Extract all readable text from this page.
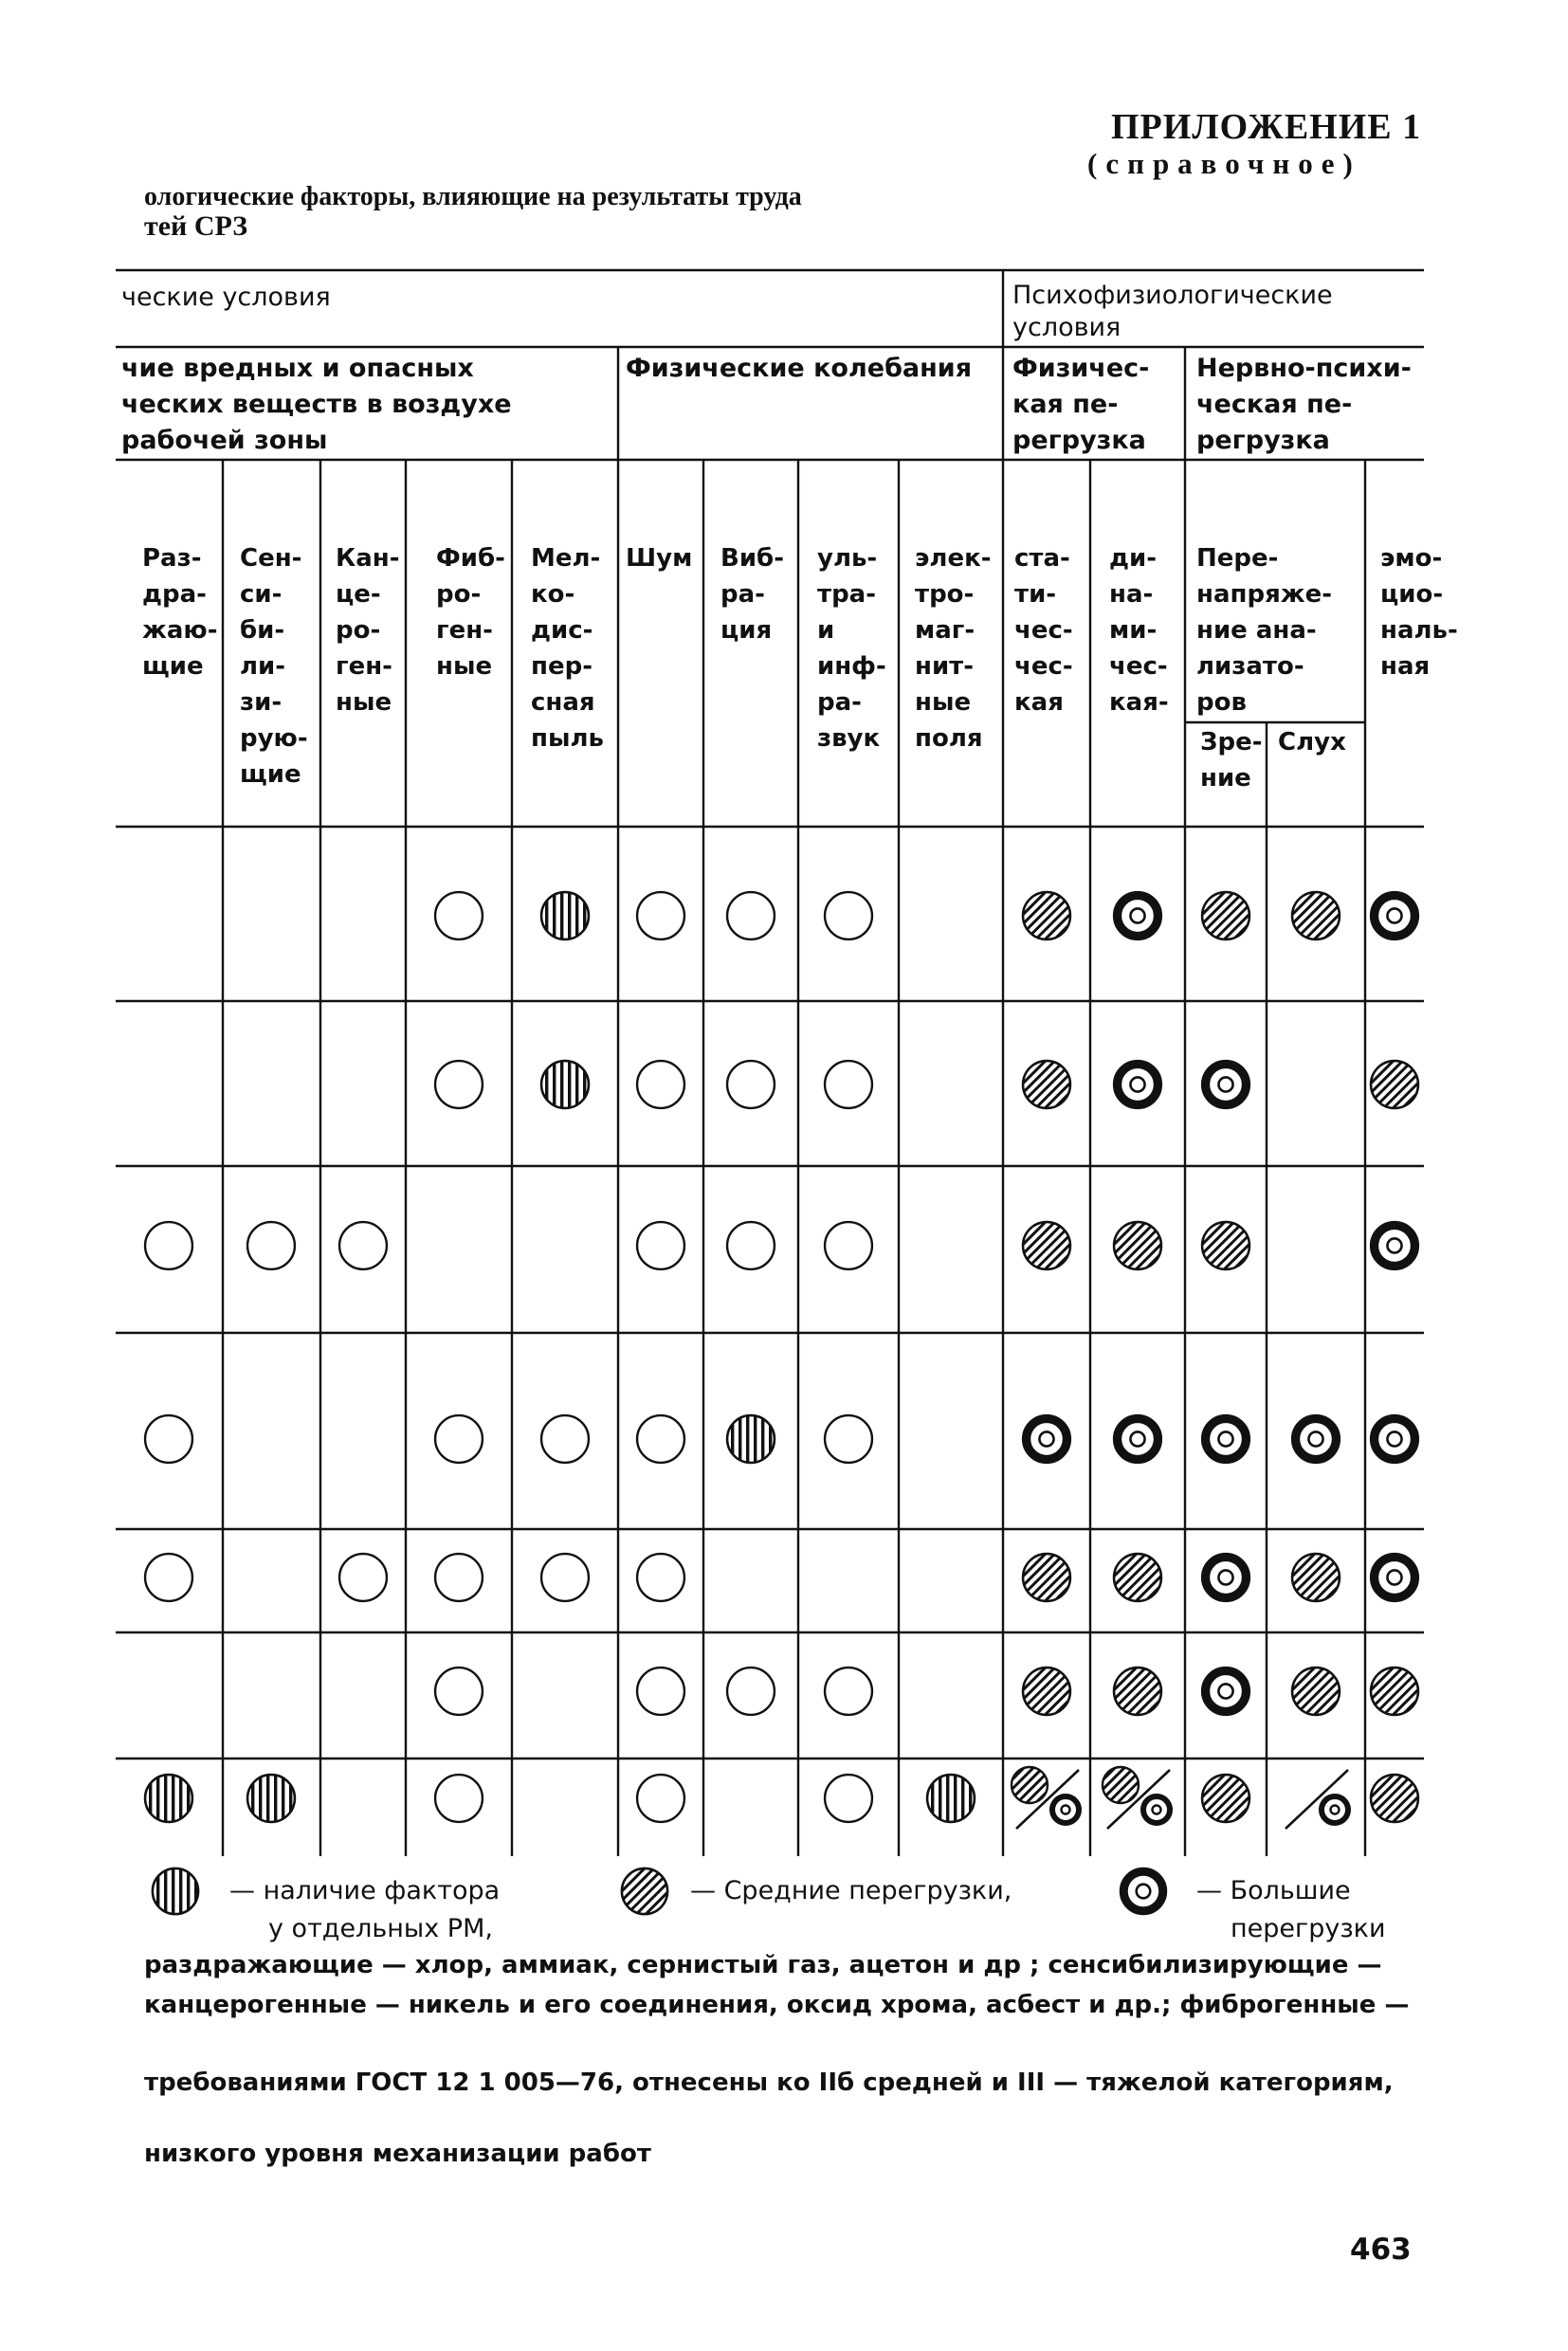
ПРИЛОЖЕНИЕ 1
(справочное)
ологические факторы, влияющие на результаты труда
тей СРЗ
ческие условия	Психофизиологические
условия
чие вредных и опасных
ческих веществ в воздухе
рабочей зоны
Физические колебания Физичес-
кая пе-
регрузка
Нервно-психи-
ческая пе-
регрузка
Раз-
дра-
жаю-
щие
Сен-
си-
би-
ли-
зи-
рую-
щие
Кан-
це-
ро-
ген-
ные
Фиб-
ро-
ген-
ные
Мел-
ко-
дис-
пер-
сная
пыль
Шум Виб-
ра-
ция
уль-
тра-
и
инф-
ра-
звук
элек-
тро-
маг-
нит-
ные
поля
ста-
ти-
чес-
чес-
кая
ди-
на-
ми-
чес-
кая-
Пере-
напряже-
ние ана-
лизато-
ров
эмо-
цио-
наль-
ная
Зре-
ние
Слух
— наличие фактора
у отдельных РМ,
— Средние перегрузки,	— Большие
перегрузки
раздражающие — хлор, аммиак, сернистый газ, ацетон и др ; сенсибилизирующие —
канцерогенные — никель и его соединения, оксид хрома, асбест и др.; фиброгенные —
требованиями ГОСТ 12 1 005—76, отнесены ко IIб средней и III — тяжелой категориям,
низкого уровня механизации работ
463
